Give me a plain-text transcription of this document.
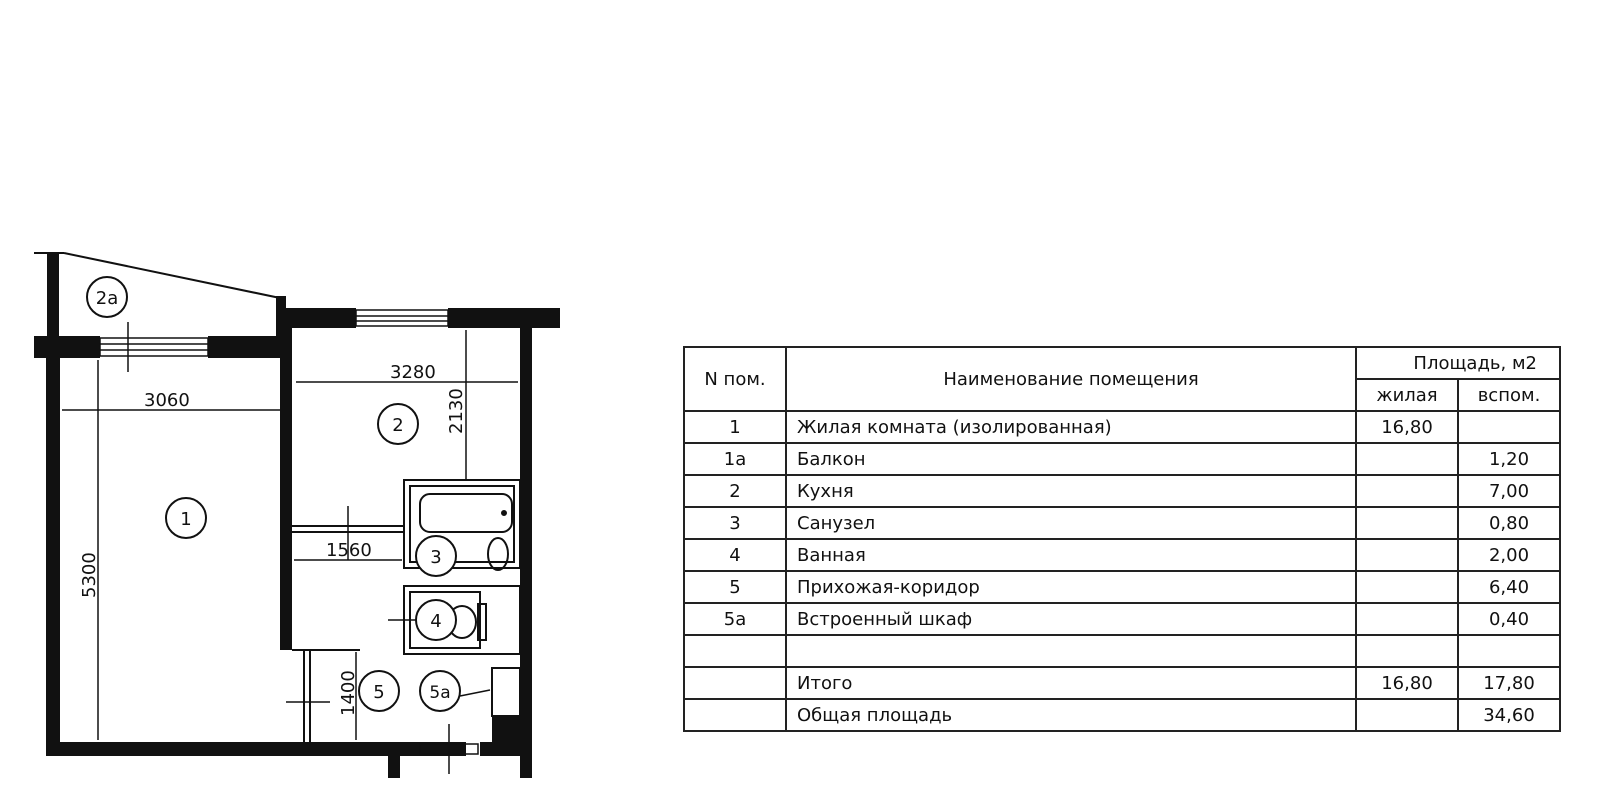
3060
3280
2130
5300
1560
1400
1
2
2a
3
4
5	5a
N пом.	Наименование помещения	Площадь, м2	
		жилая	вспом.
1	Жилая комната (изолированная)	16,80	
1a	Балкон		1,20
2	Кухня		7,00
3	Санузел		0,80
4	Ванная		2,00
5	Прихожая-коридор		6,40
5a	Встроенный шкаф		0,40

	Итого	16,80	17,80
	Общая площадь		34,60
